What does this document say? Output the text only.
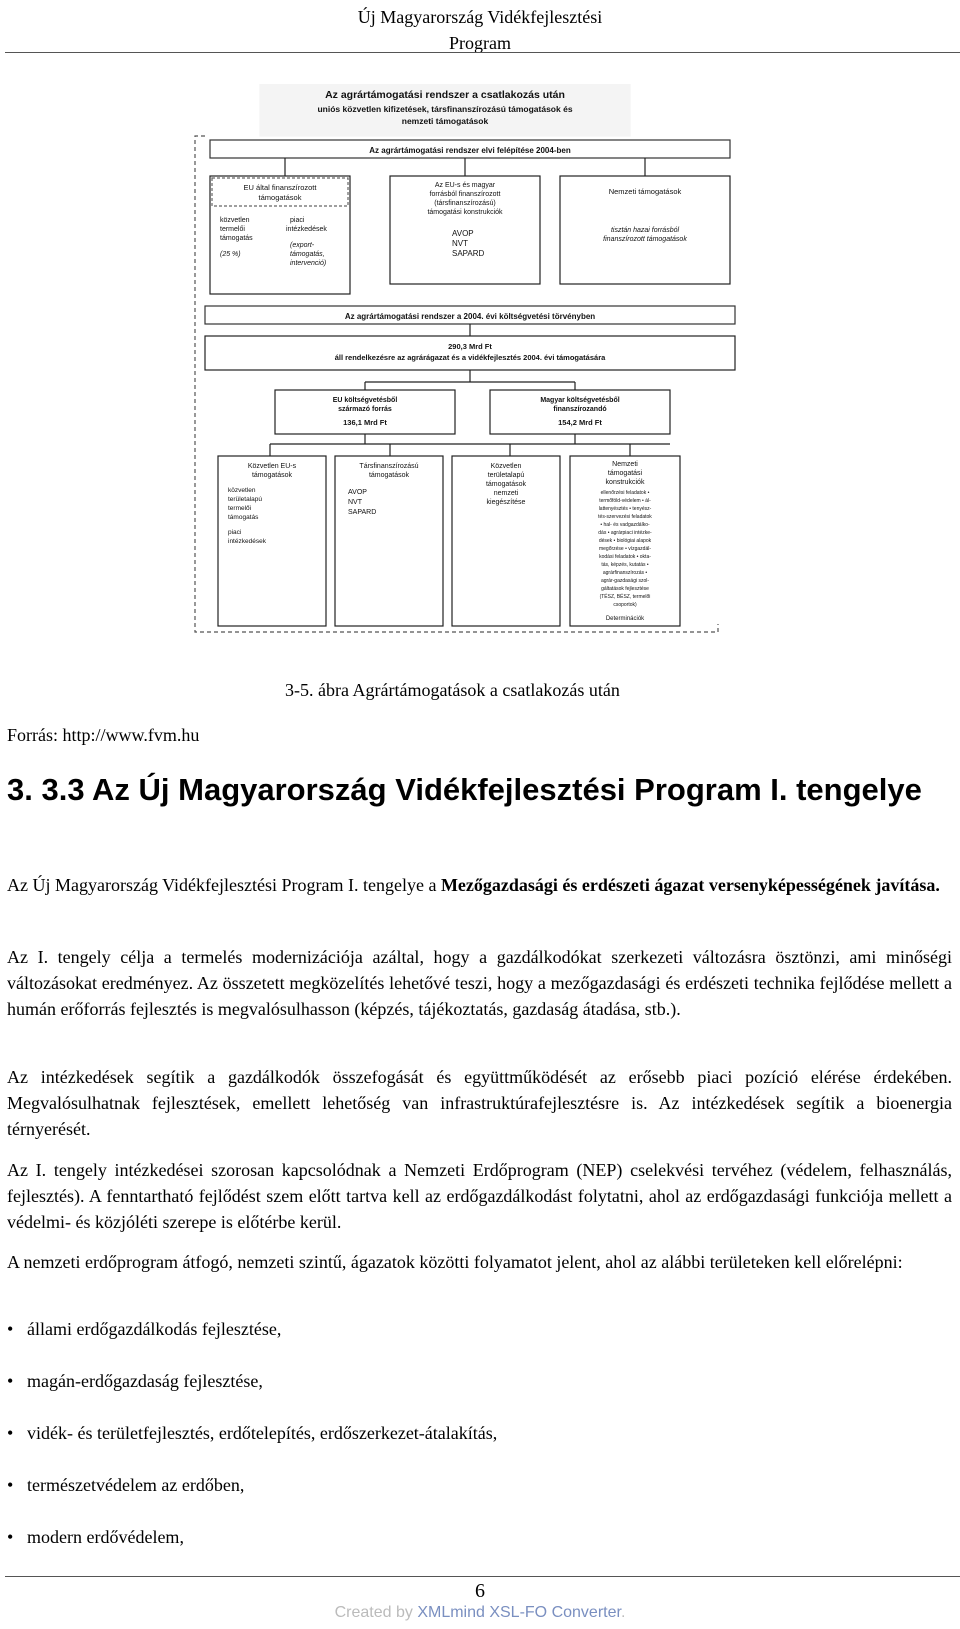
Új Magyarország Vidékfejlesztési
Program
Az agrártámogatási rendszer a csatlakozás után
uniós közvetlen kifizetések, társfinanszírozású támogatások és
nemzeti támogatások
Az agrártámogatási rendszer elvi felépítése 2004-ben
EU által finanszírozott
támogatások
közvetlen
termelői
támogatás
(25 %)
piaci
intézkedések
(export-
támogatás,
intervenció)
Az EU-s és magyar
forrásból finanszírozott
(társfinanszírozású)
támogatási konstrukciók
AVOP
NVT
SAPARD
Nemzeti támogatások
tisztán hazai forrásból
finanszírozott támogatások
Az agrártámogatási rendszer a 2004. évi költségvetési törvényben
290,3 Mrd Ft
áll rendelkezésre az agrárágazat és a vidékfejlesztés 2004. évi támogatására
EU költségvetésből
származó forrás
136,1 Mrd Ft
Magyar költségvetésből
finanszírozandó
154,2 Mrd Ft
Közvetlen EU-s
támogatások
közvetlen
területalapú
termelői
támogatás
piaci
intézkedések
Társfinanszírozású
támogatások
AVOP
NVT
SAPARD
Közvetlen
területalapú
támogatások
nemzeti
kiegészítése
Nemzeti
támogatási
konstrukciók
ellenőrzési feladatok •
termőföld-védelem • ál-
lattenyésztés • tenyész-
tés-szervezési feladatok
• hal- és vadgazdálko-
dás • agrárpiaci intézke-
dések • biológiai alapok
megőrzése • vízgazdál-
kodási feladatok • okta-
tás, képzés, kutatás •
agrárfinanszírozás •
agrár-gazdasági szol-
gáltatások fejlesztése
(TÉSZ, BÉSZ, termelői
csoportok)
Determinációk
3-5. ábra Agrártámogatások a csatlakozás után
Forrás: http://www.fvm.hu
3. 3.3 Az Új Magyarország Vidékfejlesztési Program I. tengelye

Az Új Magyarország Vidékfejlesztési Program I. tengelye a Mezőgazdasági és erdészeti ágazat versenyképességének javítása.

Az I. tengely célja a termelés modernizációja azáltal, hogy a gazdálkodókat szerkezeti változásra ösztönzi, ami minőségi változásokat eredményez. Az összetett megközelítés lehetővé teszi, hogy a mezőgazdasági és erdészeti technika fejlődése mellett a humán erőforrás fejlesztés is megvalósulhasson (képzés, tájékoztatás, gazdaság átadása, stb.).

Az intézkedések segítik a gazdálkodók összefogását és együttműködését az erősebb piaci pozíció elérése érdekében. Megvalósulhatnak fejlesztések, emellett lehetőség van infrastruktúrafejlesztésre is. Az intézkedések segítik a bioenergia térnyerését.

Az I. tengely intézkedései szorosan kapcsolódnak a Nemzeti Erdőprogram (NEP) cselekvési tervéhez (védelem, felhasználás, fejlesztés). A fenntartható fejlődést szem előtt tartva kell az erdőgazdálkodást folytatni, ahol az erdőgazdasági funkciója mellett a védelmi- és közjóléti szerepe is előtérbe kerül.

A nemzeti erdőprogram átfogó, nemzeti szintű, ágazatok közötti folyamatot jelent, ahol az alábbi területeken kell előrelépni:

• állami erdőgazdálkodás fejlesztése,
• magán-erdőgazdaság fejlesztése,
• vidék- és területfejlesztés, erdőtelepítés, erdőszerkezet-átalakítás,
• természetvédelem az erdőben,
• modern erdővédelem,
6
Created by XMLmind XSL-FO Converter.
